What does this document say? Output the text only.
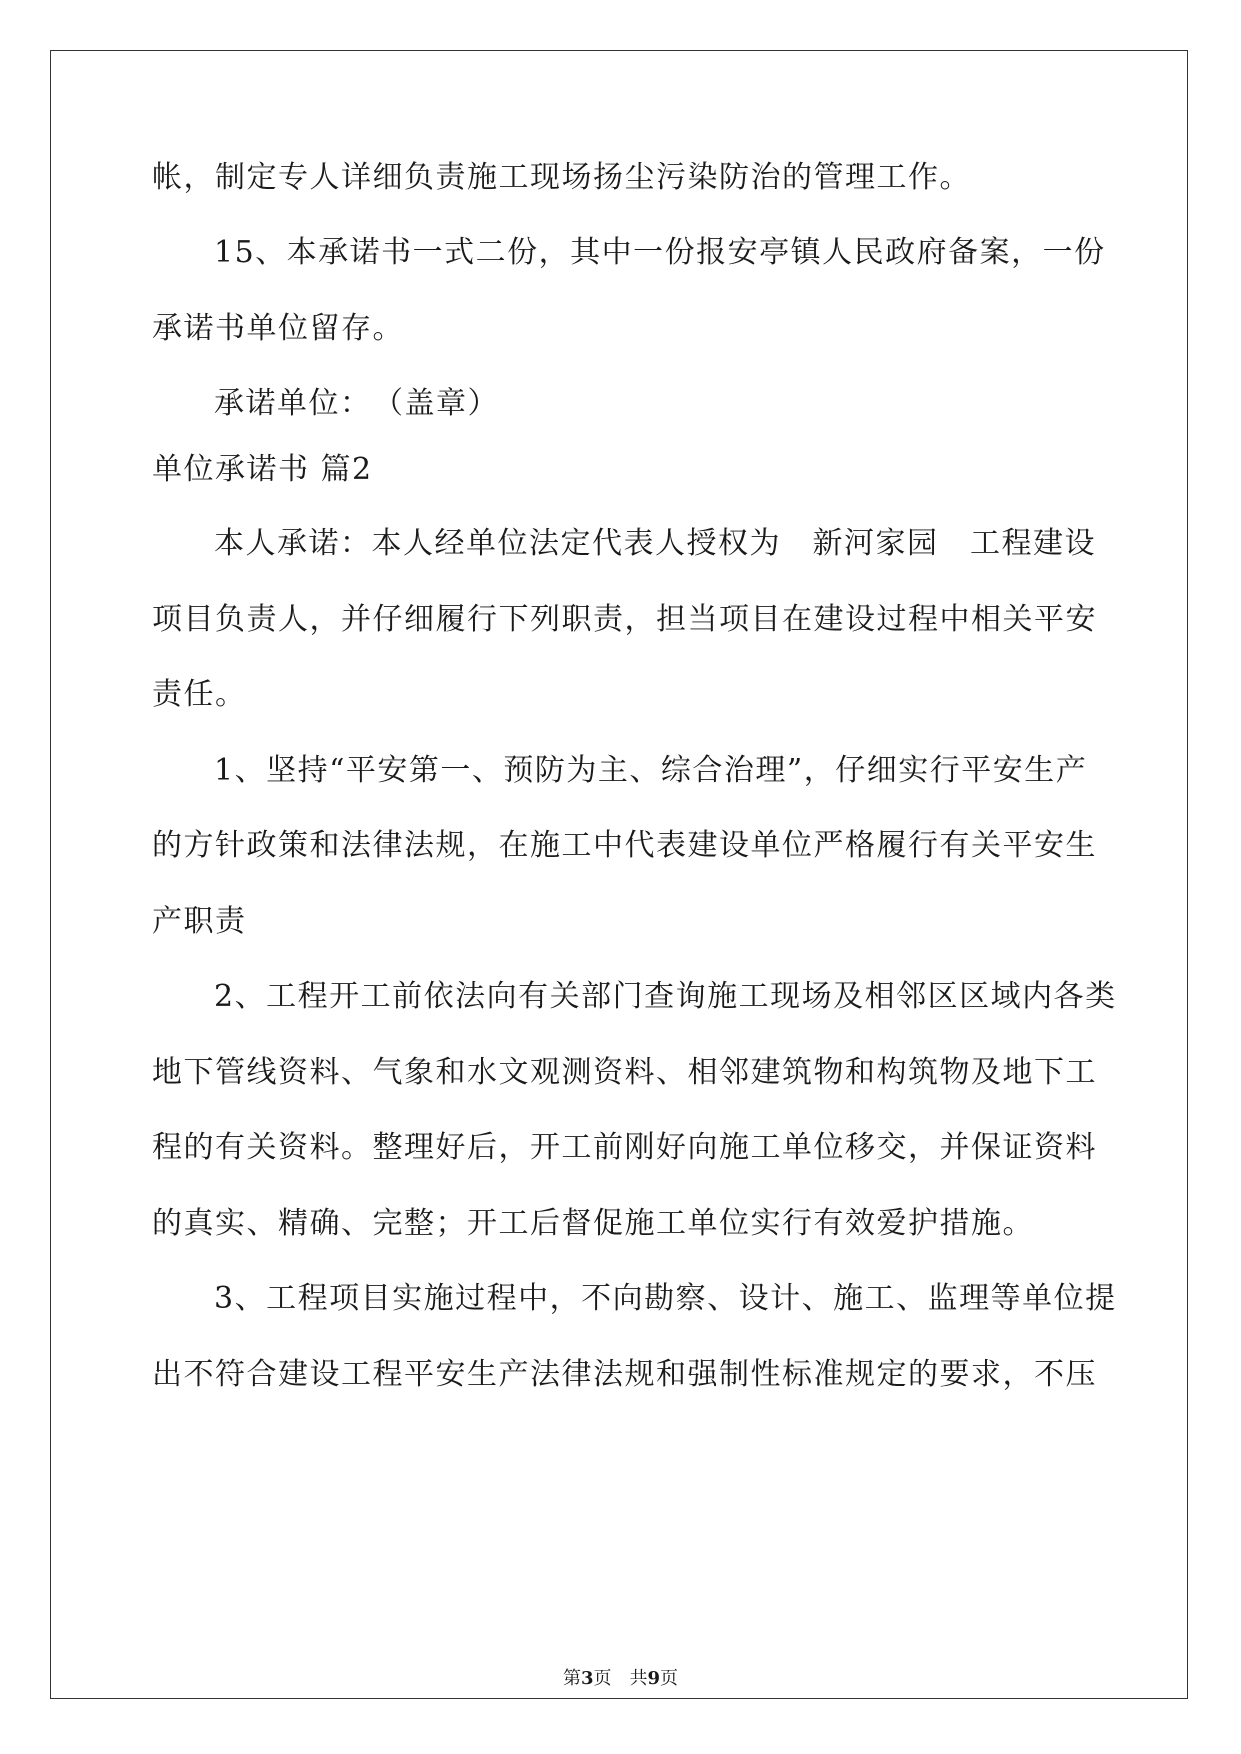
帐，制定专人详细负责施工现场扬尘污染防治的管理工作。
15、本承诺书一式二份，其中一份报安亭镇人民政府备案，一份
承诺书单位留存。
承诺单位：　（盖章）
单位承诺书 篇2
本人承诺：本人经单位法定代表人授权为　新河家园　工程建设
项目负责人，并仔细履行下列职责，担当项目在建设过程中相关平安
责任。
1、坚持“平安第一、预防为主、综合治理”，仔细实行平安生产
的方针政策和法律法规，在施工中代表建设单位严格履行有关平安生
产职责
2、工程开工前依法向有关部门查询施工现场及相邻区区域内各类
地下管线资料、气象和水文观测资料、相邻建筑物和构筑物及地下工
程的有关资料。整理好后，开工前刚好向施工单位移交，并保证资料
的真实、精确、完整；开工后督促施工单位实行有效爱护措施。
3、工程项目实施过程中，不向勘察、设计、施工、监理等单位提
出不符合建设工程平安生产法律法规和强制性标准规定的要求，不压
第3页　共9页
